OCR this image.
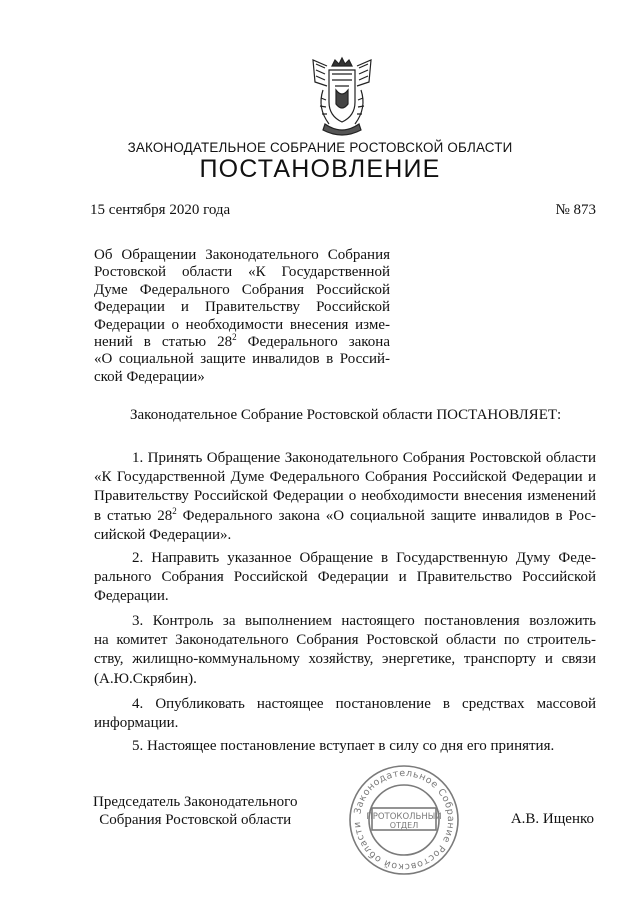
ЗАКОНОДАТЕЛЬНОЕ СОБРАНИЕ РОСТОВСКОЙ ОБЛАСТИ
ПОСТАНОВЛЕНИЕ
15 сентября 2020 года	№ 873
Об Обращении Законодательного Собрания
Ростовской области «К Государственной
Думе Федерального Собрания Российской
Федерации и Правительству Российской
Федерации о необходимости внесения изме-
нений в статью $28^2$ Федерального закона
«О социальной защите инвалидов в Россий-
ской Федерации»
Законодательное Собрание Ростовской области ПОСТАНОВЛЯЕТ:
1. Принять Обращение Законодательного Собрания Ростовской области
«К Государственной Думе Федерального Собрания Российской Федерации и
Правительству Российской Федерации о необходимости внесения изменений
в статью $28^2$ Федерального закона «О социальной защите инвалидов в Рос-
сийской Федерации».
2. Направить указанное Обращение в Государственную Думу Феде-
рального Собрания Российской Федерации и Правительство Российской
Федерации.
3. Контроль за выполнением настоящего постановления возложить
на комитет Законодательного Собрания Ростовской области по строитель-
ству, жилищно-коммунальному хозяйству, энергетике, транспорту и связи
(А.Ю.Скрябин).
4. Опубликовать настоящее постановление в средствах массовой
информации.
5. Настоящее постановление вступает в силу со дня его принятия.
Председатель Законодательного
Собрания Ростовской области
Законодательное Собрание Ростовской области
ПРОТОКОЛЬНЫЙ
ОТДЕЛ	А.В. Ищенко
